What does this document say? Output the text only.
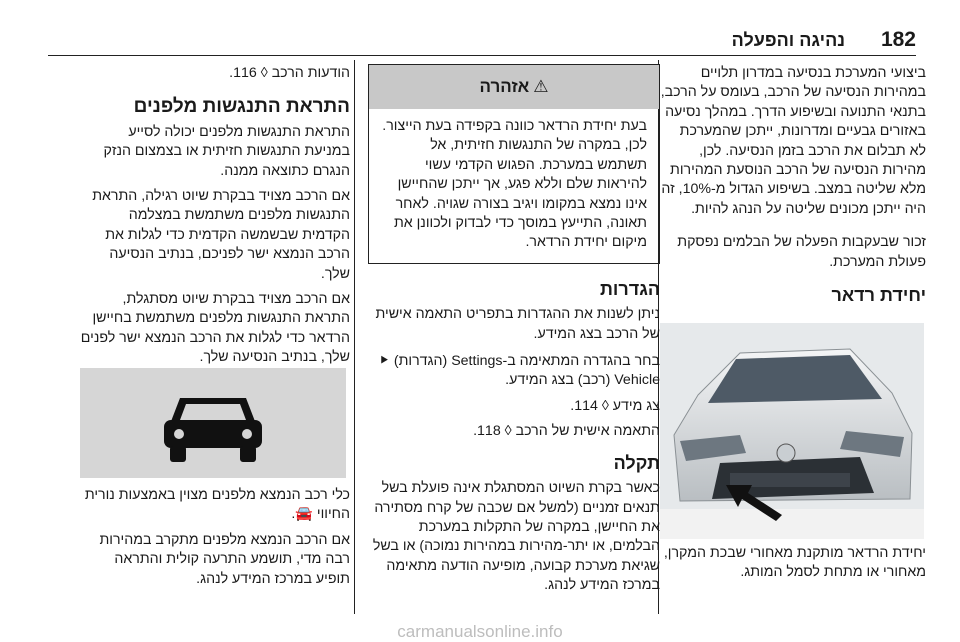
נהיגה והפעלה 182

ביצועי המערכת בנסיעה במדרון תלויים במהירות הנסיעה של הרכב, בעומס על הרכב, בתנאי התנועה ובשיפוע הדרך. במהלך נסיעה באזורים גבעיים ומדרונות, ייתכן שהמערכת לא תבלום את הרכב בזמן הנסיעה. לכן, מהירות הנסיעה של הרכב הנוסעת המהירות מלא שליטה במצב. בשיפוע הגדול מ-10%, זה היה ייתכן מכונים שליטה על הנהג להיות.

זכור שבעקבות הפעלה של הבלמים נפסקת פעולת המערכת.

יחידת רדאר

יחידת הרדאר מותקנת מאחורי שבכת המקרן, מאחורי או מתחת לסמל המותג.

⚠
אזהרה
בעת יחידת הרדאר כוונה בקפידה בעת הייצור. לכן, במקרה של התנגשות חזיתית, אל תשתמש במערכת. הפגוש הקדמי עשוי להיראות שלם וללא פגע, אך ייתכן שהחיישן אינו נמצא במקומו ויגיב בצורה שגויה. לאחר תאונה, התייעץ במוסך כדי לבדוק ולכוונן את מיקום יחידת הרדאר.
הגדרות

ניתן לשנות את ההגדרות בתפריט התאמה אישית של הרכב בצג המידע.

בחר בהגדרה המתאימה ב-Settings (הגדרות) ⯈ Vehicle (רכב) בצג המידע.

צג מידע ◊ 114.

התאמה אישית של הרכב ◊ 118.

תקלה

כאשר בקרת השיוט המסתגלת אינה פועלת בשל תנאים זמניים (למשל אם שכבה של קרח מסתירה את החיישן, במקרה של התקלות במערכת הבלמים, או יתר-מהירות במהירות נמוכה) או בשל שגיאת מערכת קבועה, מופיעה הודעה מתאימה במרכז המידע לנהג.

הודעות הרכב ◊ 116.

התראת התנגשות מלפנים

התראת התנגשות מלפנים יכולה לסייע במניעת התנגשות חזיתית או בצמצום הנזק הנגרם כתוצאה ממנה.

אם הרכב מצויד בבקרת שיוט רגילה, התראת התנגשות מלפנים משתמשת במצלמה הקדמית שבשמשה הקדמית כדי לגלות את הרכב הנמצא ישר לפניכם, בנתיב הנסיעה שלך.

אם הרכב מצויד בבקרת שיוט מסתגלת, התראת התנגשות מלפנים משתמשת בחיישן הרדאר כדי לגלות את הרכב הנמצא ישר לפנים שלך, בנתיב הנסיעה שלך.

כלי רכב הנמצא מלפנים מצוין באמצעות נורית החיווי 🚘.

אם הרכב הנמצא מלפנים מתקרב במהירות רבה מדי, תושמע התרעה קולית והתראה תופיע במרכז המידע לנהג.

carmanualsonline.info
